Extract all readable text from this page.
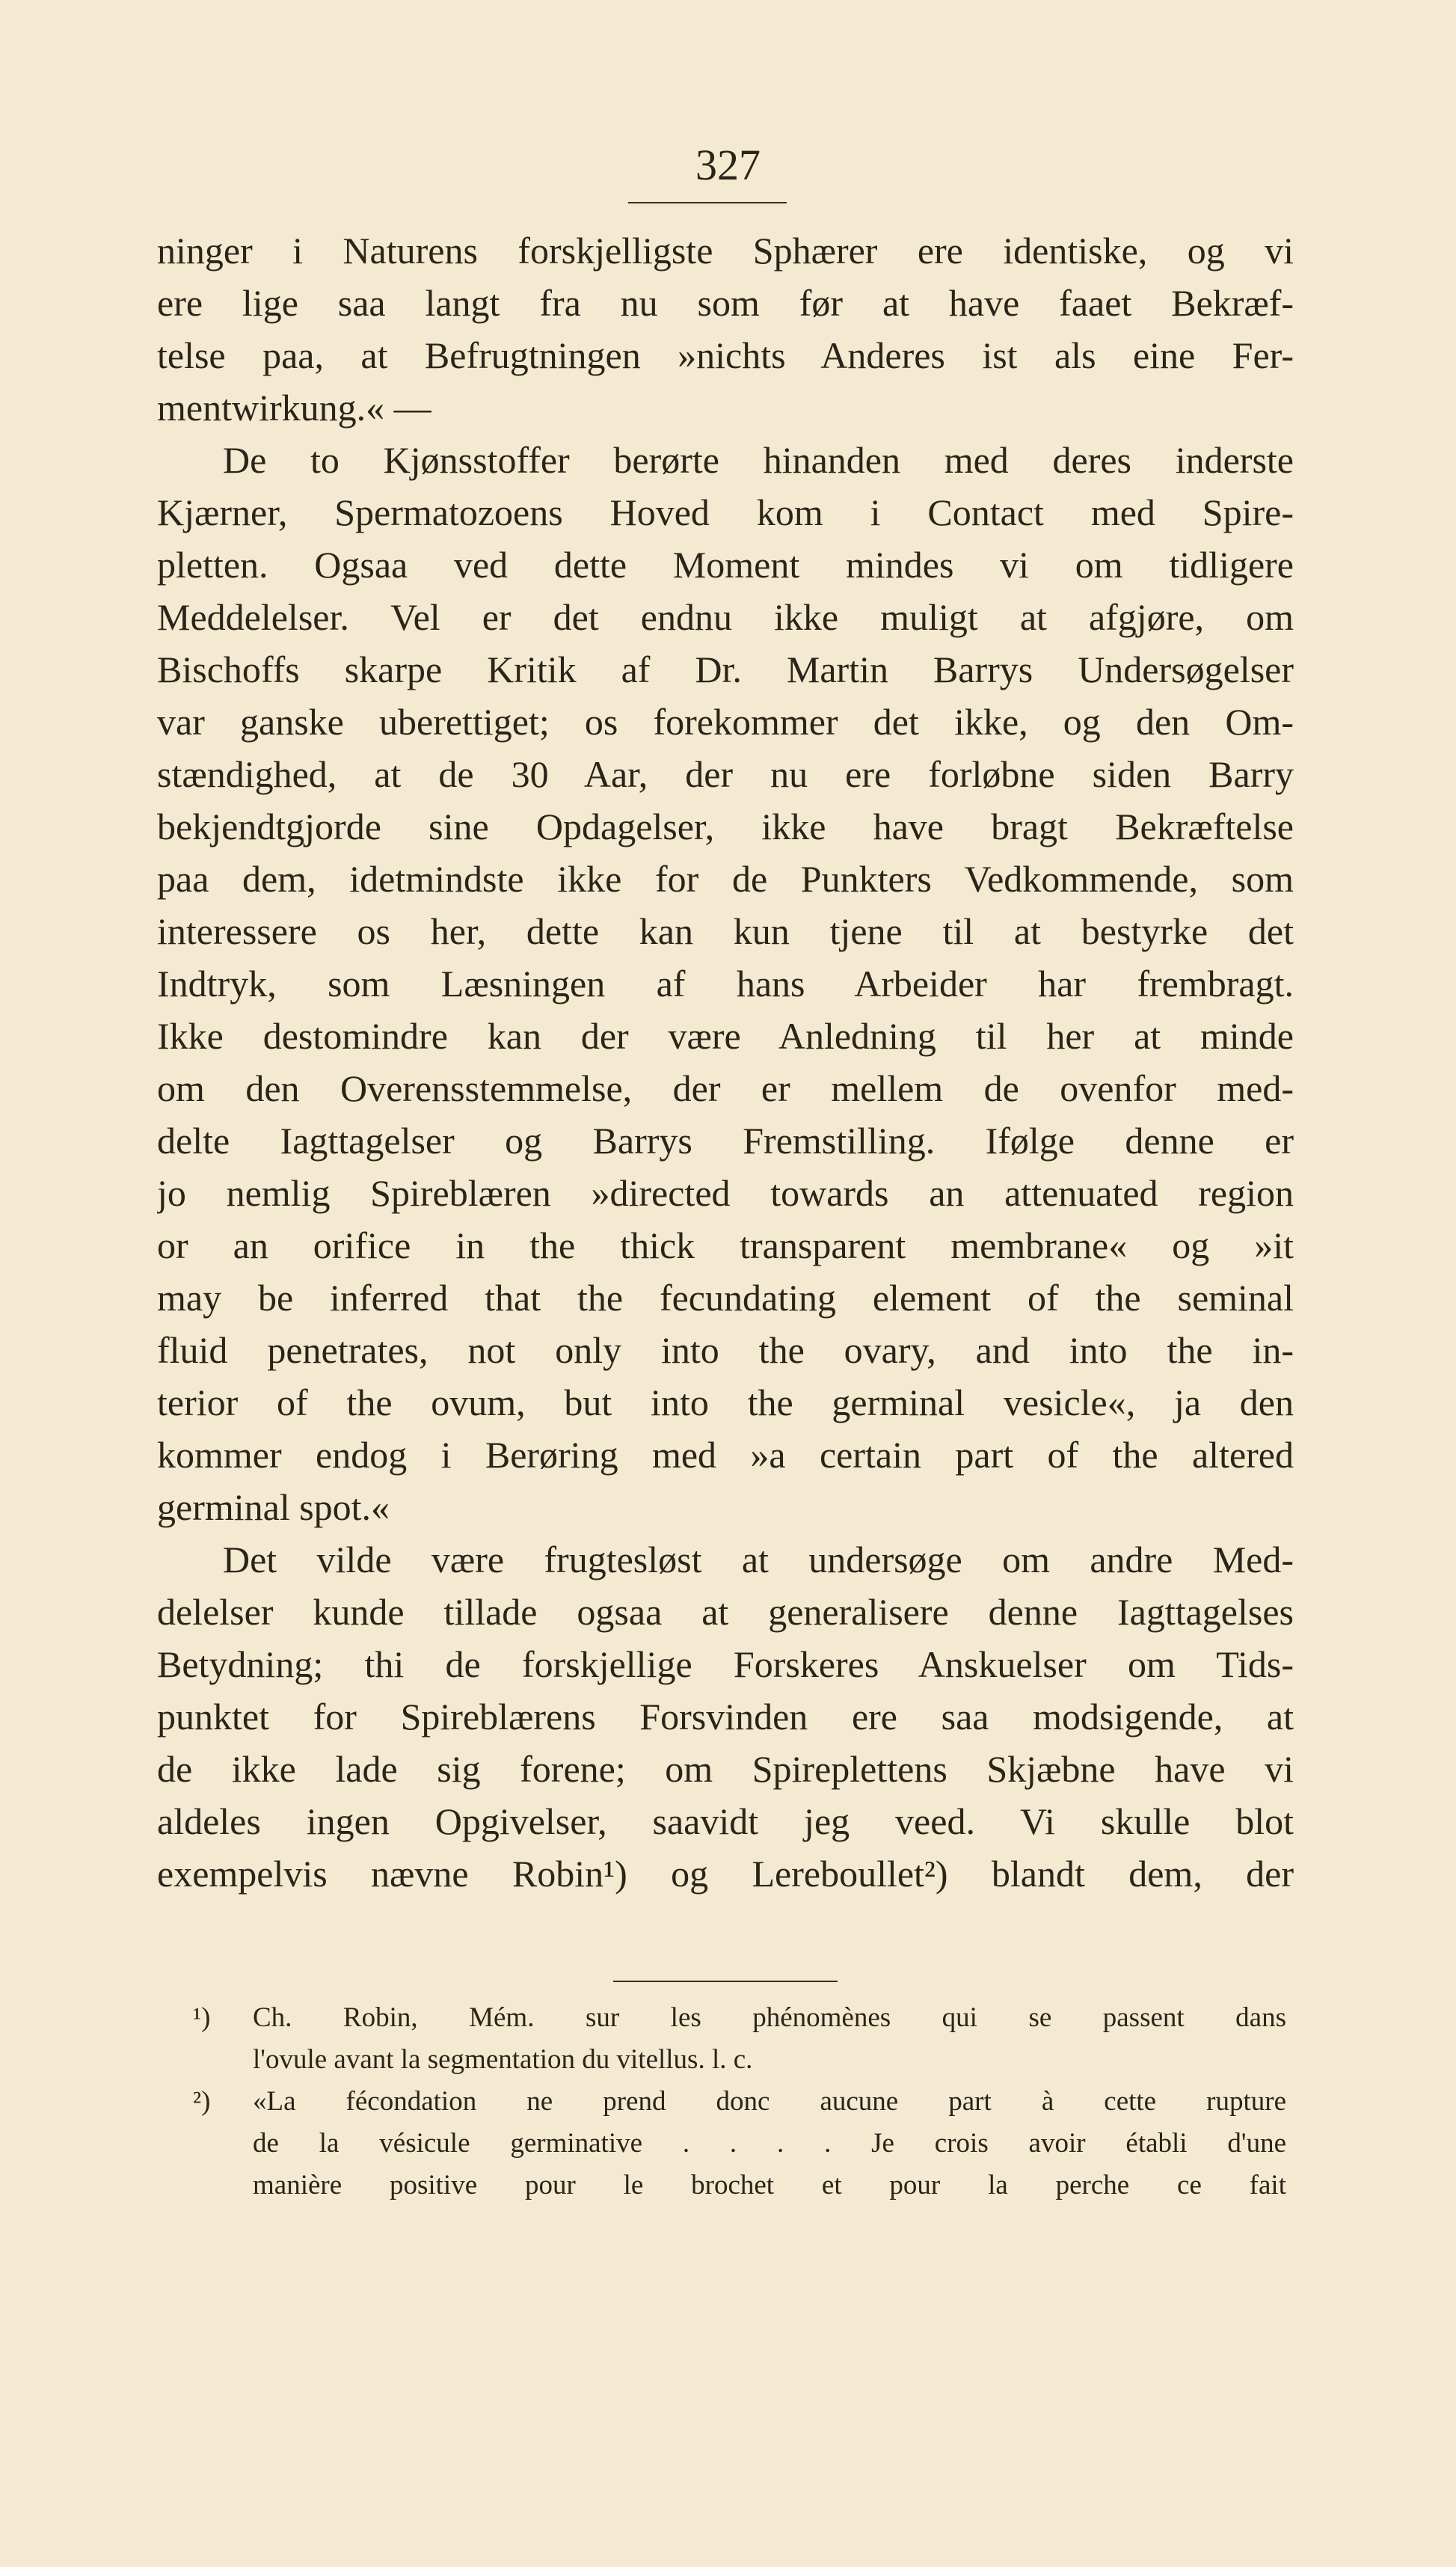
327
ninger i Naturens forskjelligste Sphærer ere identiske, og vi
ere lige saa langt fra nu som før at have faaet Bekræf-
telse paa, at Befrugtningen »nichts Anderes ist als eine Fer-
mentwirkung.« —
De to Kjønsstoffer berørte hinanden med deres inderste
Kjærner, Spermatozoens Hoved kom i Contact med Spire-
pletten. Ogsaa ved dette Moment mindes vi om tidligere
Meddelelser. Vel er det endnu ikke muligt at afgjøre, om
Bischoffs skarpe Kritik af Dr. Martin Barrys Undersøgelser
var ganske uberettiget; os forekommer det ikke, og den Om-
stændighed, at de 30 Aar, der nu ere forløbne siden Barry
bekjendtgjorde sine Opdagelser, ikke have bragt Bekræftelse
paa dem, idetmindste ikke for de Punkters Vedkommende, som
interessere os her, dette kan kun tjene til at bestyrke det
Indtryk, som Læsningen af hans Arbeider har frembragt.
Ikke destomindre kan der være Anledning til her at minde
om den Overensstemmelse, der er mellem de ovenfor med-
delte Iagttagelser og Barrys Fremstilling. Ifølge denne er
jo nemlig Spireblæren »directed towards an attenuated region
or an orifice in the thick transparent membrane« og »it
may be inferred that the fecundating element of the seminal
fluid penetrates, not only into the ovary, and into the in-
terior of the ovum, but into the germinal vesicle«, ja den
kommer endog i Berøring med »a certain part of the altered
germinal spot.«
Det vilde være frugtesløst at undersøge om andre Med-
delelser kunde tillade ogsaa at generalisere denne Iagttagelses
Betydning; thi de forskjellige Forskeres Anskuelser om Tids-
punktet for Spireblærens Forsvinden ere saa modsigende, at
de ikke lade sig forene; om Spireplettens Skjæbne have vi
aldeles ingen Opgivelser, saavidt jeg veed. Vi skulle blot
exempelvis nævne Robin¹) og Lereboullet²) blandt dem, der
¹) Ch. Robin, Mém. sur les phénomènes qui se passent dans
l'ovule avant la segmentation du vitellus. l. c.
²) «La fécondation ne prend donc aucune part à cette rupture
de la vésicule germinative . . . . Je crois avoir établi d'une
manière positive pour le brochet et pour la perche ce fait
